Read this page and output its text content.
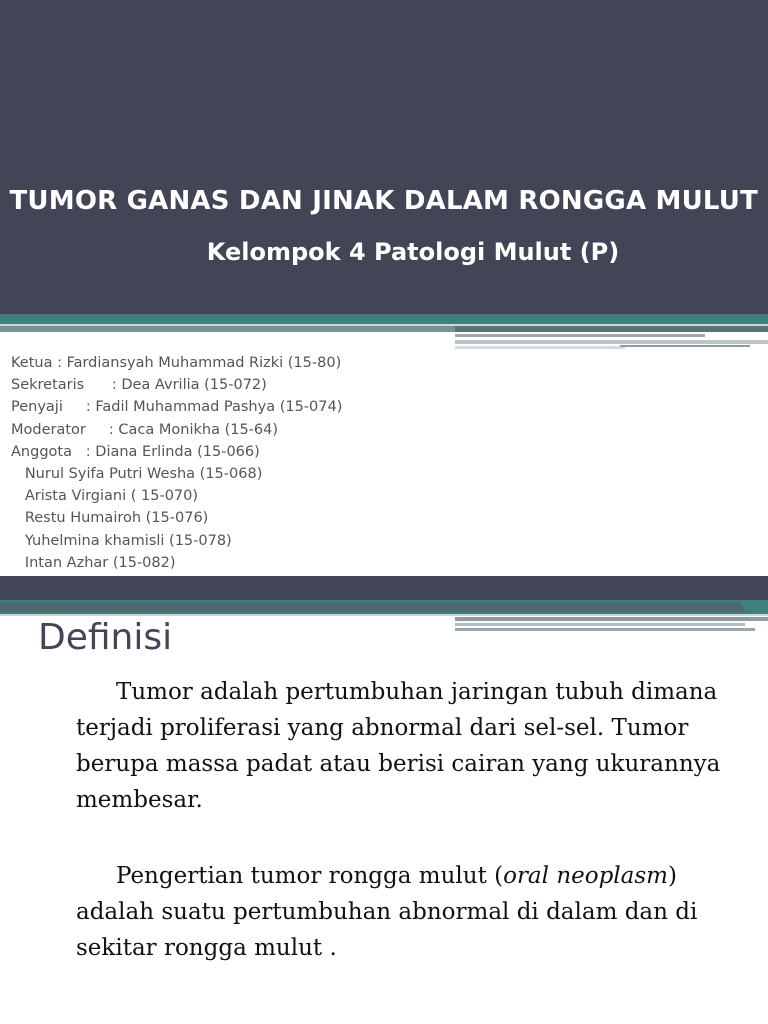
TUMOR GANAS DAN JINAK DALAM RONGGA MULUT
Kelompok 4 Patologi Mulut (P)
Ketua : Fardiansyah Muhammad Rizki (15-80)
Sekretaris      : Dea Avrilia (15-072)
Penyaji     : Fadil Muhammad Pashya (15-074)
Moderator     : Caca Monikha (15-64)
Anggota   : Diana Erlinda (15-066)
Nurul Syifa Putri Wesha (15-068)
Arista Virgiani ( 15-070)
Restu Humairoh (15-076)
Yuhelmina khamisli (15-078)
Intan Azhar (15-082)
Definisi

Tumor adalah pertumbuhan jaringan tubuh dimana terjadi proliferasi yang abnormal dari sel-sel. Tumor berupa massa padat atau berisi cairan yang ukurannya membesar.

Pengertian tumor rongga mulut (oral neoplasm) adalah suatu pertumbuhan abnormal di dalam dan di sekitar rongga mulut .
